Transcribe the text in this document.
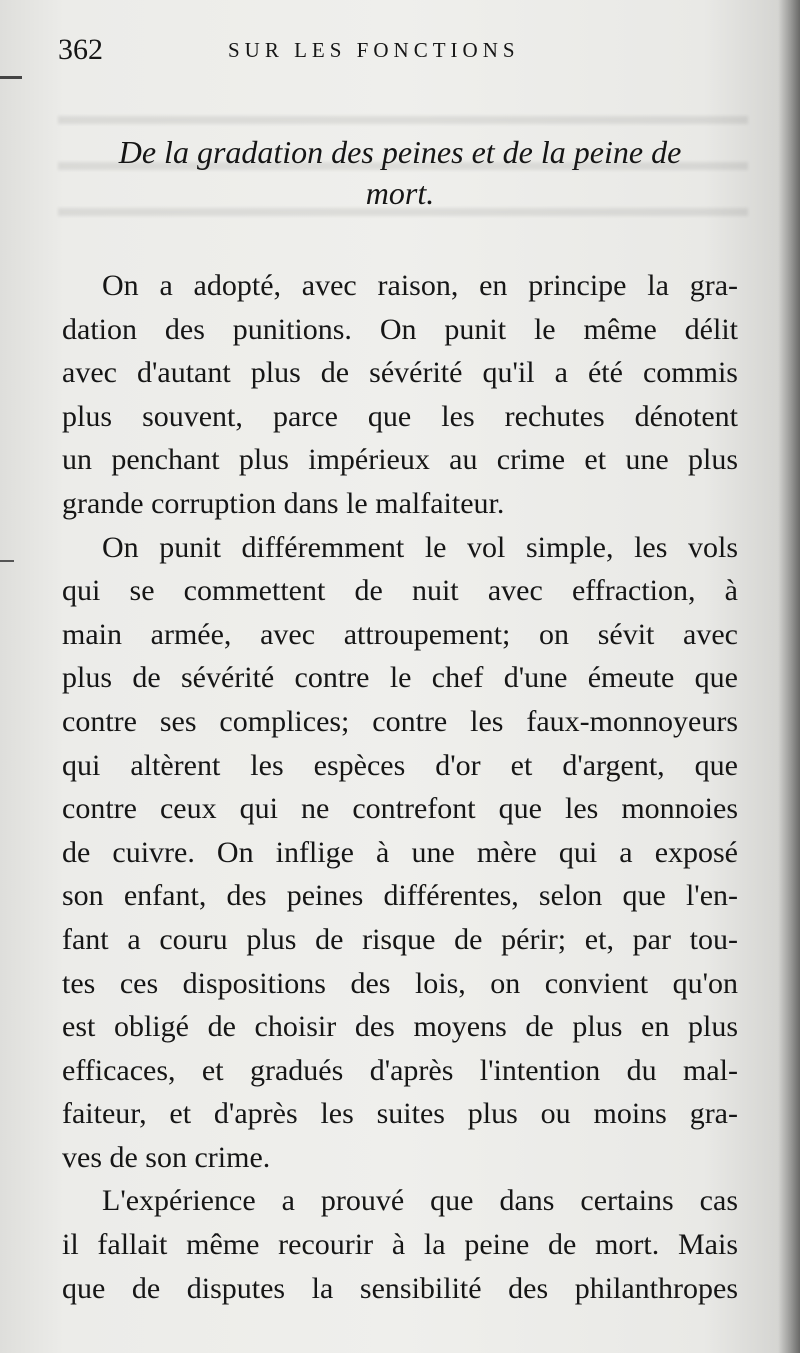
362	SUR LES FONCTIONS
De la gradation des peines et de la peine de
mort.
On a adopté, avec raison, en principe la gra-
dation des punitions. On punit le même délit
avec d'autant plus de sévérité qu'il a été commis
plus souvent, parce que les rechutes dénotent
un penchant plus impérieux au crime et une plus
grande corruption dans le malfaiteur.
On punit différemment le vol simple, les vols
qui se commettent de nuit avec effraction, à
main armée, avec attroupement; on sévit avec
plus de sévérité contre le chef d'une émeute que
contre ses complices; contre les faux-monnoyeurs
qui altèrent les espèces d'or et d'argent, que
contre ceux qui ne contrefont que les monnoies
de cuivre. On inflige à une mère qui a exposé
son enfant, des peines différentes, selon que l'en-
fant a couru plus de risque de périr; et, par tou-
tes ces dispositions des lois, on convient qu'on
est obligé de choisir des moyens de plus en plus
efficaces, et gradués d'après l'intention du mal-
faiteur, et d'après les suites plus ou moins gra-
ves de son crime.
L'expérience a prouvé que dans certains cas
il fallait même recourir à la peine de mort. Mais
que de disputes la sensibilité des philanthropes
